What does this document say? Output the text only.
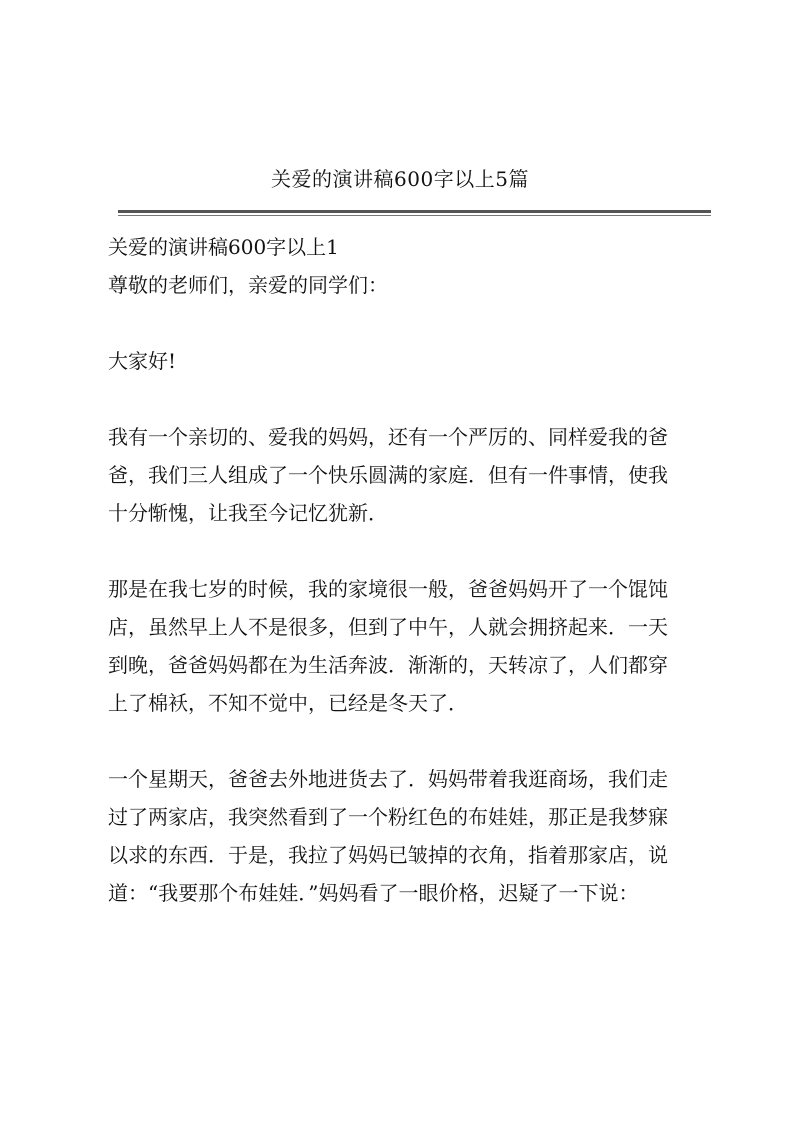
关爱的演讲稿600字以上5篇
关爱的演讲稿600字以上1
尊敬的老师们，亲爱的同学们：
大家好!
我有一个亲切的、爱我的妈妈，还有一个严厉的、同样爱我的爸
爸，我们三人组成了一个快乐圆满的家庭．但有一件事情，使我
十分惭愧，让我至今记忆犹新．
那是在我七岁的时候，我的家境很一般，爸爸妈妈开了一个馄饨
店，虽然早上人不是很多，但到了中午，人就会拥挤起来．一天
到晚，爸爸妈妈都在为生活奔波．渐渐的，天转凉了，人们都穿
上了棉袄，不知不觉中，已经是冬天了．
一个星期天，爸爸去外地进货去了．妈妈带着我逛商场，我们走
过了两家店，我突然看到了一个粉红色的布娃娃，那正是我梦寐
以求的东西．于是，我拉了妈妈已皱掉的衣角，指着那家店，说
道：“我要那个布娃娃．”妈妈看了一眼价格，迟疑了一下说：
